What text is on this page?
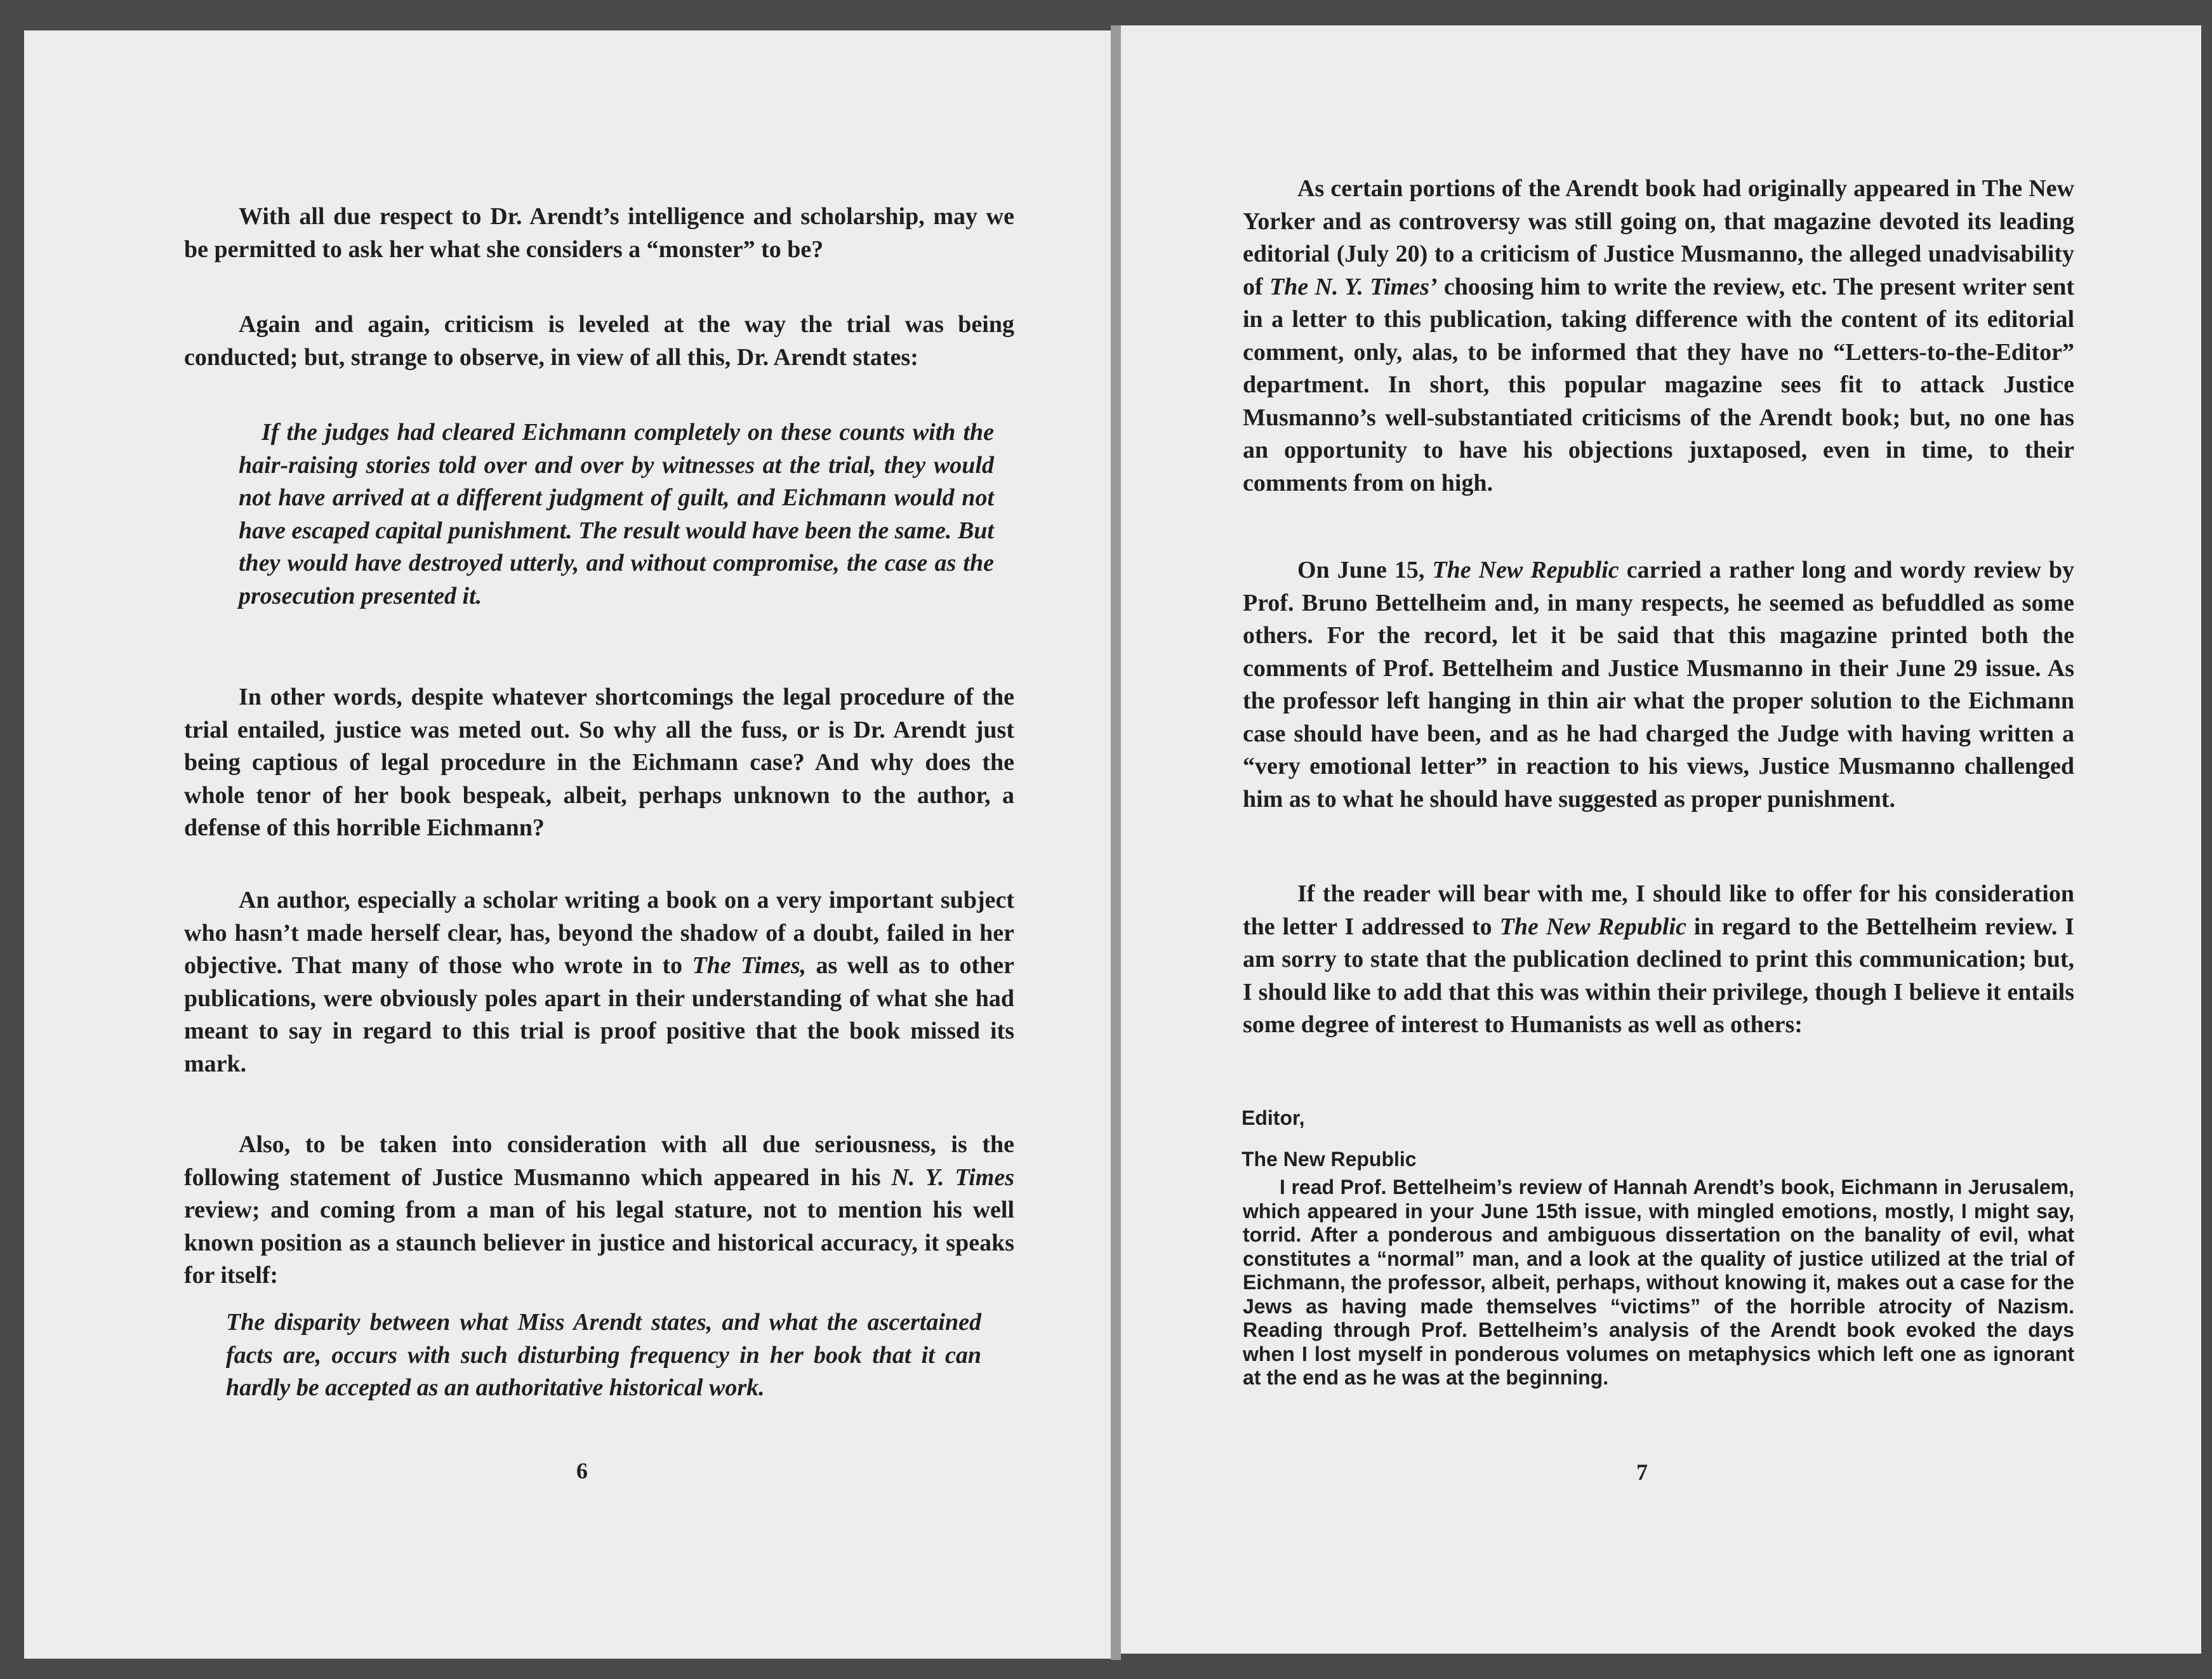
With all due respect to Dr. Arendt’s intelligence and scholarship, may we be permitted to ask her what she considers a “monster” to be?

Again and again, criticism is leveled at the way the trial was being conducted; but, strange to observe, in view of all this, Dr. Arendt states:

If the judges had cleared Eichmann completely on these counts with the hair-raising stories told over and over by witnesses at the trial, they would not have arrived at a different judgment of guilt, and Eichmann would not have escaped capital punishment. The result would have been the same. But they would have destroyed utterly, and without compromise, the case as the prosecution presented it.

In other words, despite whatever shortcomings the legal procedure of the trial entailed, justice was meted out. So why all the fuss, or is Dr. Arendt just being captious of legal procedure in the Eichmann case? And why does the whole tenor of her book bespeak, albeit, perhaps unknown to the author, a defense of this horrible Eichmann?

An author, especially a scholar writing a book on a very important subject who hasn’t made herself clear, has, beyond the shadow of a doubt, failed in her objective. That many of those who wrote in to The Times, as well as to other publications, were obviously poles apart in their understanding of what she had meant to say in regard to this trial is proof positive that the book missed its mark.

Also, to be taken into consideration with all due seriousness, is the following statement of Justice Musmanno which appeared in his N. Y. Times review; and coming from a man of his legal stature, not to mention his well known position as a staunch believer in justice and historical accuracy, it speaks for itself:

The disparity between what Miss Arendt states, and what the ascertained facts are, occurs with such disturbing frequency in her book that it can hardly be accepted as an authoritative historical work.

6

As certain portions of the Arendt book had originally appeared in The New Yorker and as controversy was still going on, that magazine devoted its leading editorial (July 20) to a criticism of Justice Musmanno, the alleged unadvisability of The N. Y. Times’ choosing him to write the review, etc. The present writer sent in a letter to this publication, taking difference with the content of its editorial comment, only, alas, to be informed that they have no “Letters-to-the-Editor” department. In short, this popular magazine sees fit to attack Justice Musmanno’s well-substantiated criticisms of the Arendt book; but, no one has an opportunity to have his objections juxtaposed, even in time, to their comments from on high.

On June 15, The New Republic carried a rather long and wordy review by Prof. Bruno Bettelheim and, in many respects, he seemed as befuddled as some others. For the record, let it be said that this magazine printed both the comments of Prof. Bettelheim and Justice Musmanno in their June 29 issue. As the professor left hanging in thin air what the proper solution to the Eichmann case should have been, and as he had charged the Judge with having written a “very emotional letter” in reaction to his views, Justice Musmanno challenged him as to what he should have suggested as proper punishment.

If the reader will bear with me, I should like to offer for his consideration the letter I addressed to The New Republic in regard to the Bettelheim review. I am sorry to state that the publication declined to print this communication; but, I should like to add that this was within their privilege, though I believe it entails some degree of interest to Humanists as well as others:

Editor,

The New Republic

I read Prof. Bettelheim’s review of Hannah Arendt’s book, Eichmann in Jerusalem, which appeared in your June 15th issue, with mingled emotions, mostly, I might say, torrid. After a ponderous and ambiguous dissertation on the banality of evil, what constitutes a “normal” man, and a look at the quality of justice utilized at the trial of Eichmann, the professor, albeit, perhaps, without knowing it, makes out a case for the Jews as having made themselves “victims” of the horrible atrocity of Nazism. Reading through Prof. Bettelheim’s analysis of the Arendt book evoked the days when I lost myself in ponderous volumes on metaphysics which left one as ignorant at the end as he was at the beginning.

7
